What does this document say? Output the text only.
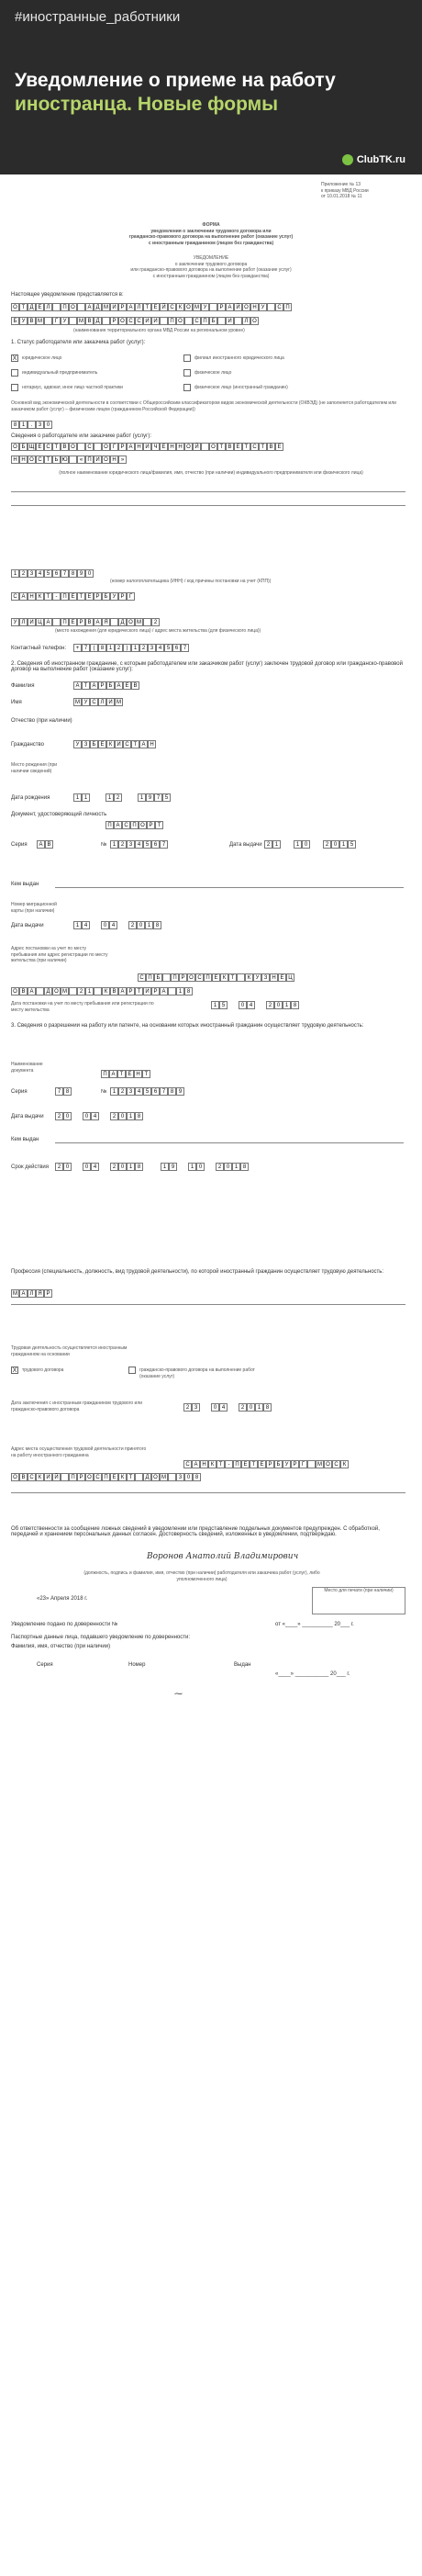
#иностранные_работники
Уведомление о приеме на работу
иностранца. Новые формы
ClubTK.ru
Приложение № 13
к приказу МВД России
от 10.01.2018 № 11
ФОРМА
уведомления о заключении трудового договора или
гражданско-правового договора на выполнение работ (оказание услуг)
с иностранным гражданином (лицом без гражданства)
УВЕДОМЛЕНИЕ
о заключении трудового договора
или гражданско-правового договора на выполнение работ (оказание услуг)
с иностранным гражданином (лицом без гражданства)
Настоящее уведомление представляется в:
О Т Д Е Л	П О	А Д М И Р А Л Т Е Й С К О М У	Р А Й О Н У	С П
Б У В М	Г У	М В Д	Р О С С И И	П О	С П Б	И	Л О
(наименование территориального органа МВД России на региональном уровне)
1. Статус работодателя или заказчика работ (услуг):
X	юридическое лицо
индивидуальный предприниматель
филиал иностранного юридического лица
физическое лицо
нотариус, адвокат, иное лицо частной практики	физическое лицо (иностранный гражданин)
Основной вид экономической деятельности в соответствии с Общероссийским классификатором видов экономической деятельности (ОКВЭД) (не заполняется работодателем или заказчиком работ (услуг) – физическим лицом (гражданином Российской Федерации))
8 1	.	3 0
Сведения о работодателе или заказчике работ (услуг):
О Б Щ Е С Т В О	С	О Г Р А Н И Ч Е Н Н О Й	О Т В Е Т С Т В Е
Н Н О С Т Ь Ю	« П И О Н »
(полное наименование юридического лица/фамилия, имя, отчество (при наличии) индивидуального предпринимателя или физического лица)
1 2 3 4 5 6 7 8 9 0
(номер налогоплательщика (ИНН) / код причины постановки на учет (КПП))
С А Н К Т	- П Е Т Е Р Б У Р Г
У Л И Ц А	П Е Р В А Я	Д О М	2
(место нахождения (для юридического лица) / адрес места жительства (для физического лица))
Контактный телефон:	+ 7	(	8 1 2	)	1 2 3 4 5 6 7
2. Сведения об иностранном гражданине, с которым работодателем или заказчиком работ (услуг) заключен трудовой договор или гражданско-правовой договор на выполнение работ (оказание услуг):
Фамилия	А Т А Р Б А Е В
Имя	М У С Л И М
Отчество (при наличии)
Гражданство	У З Б Е К И С Т А Н
Место рождения (при наличии сведений)
Дата рождения	1 1	1 2	1 9 7 5
Документ, удостоверяющий личность
П А С П О Р Т
Серия	A B	№	1 2 3 4 5 6 7	Дата выдачи 2 1	1 0	2 0 1 5
Кем выдан
Номер миграционной карты (при наличии)
Дата выдачи	1 4	0 4	2 0 1 8
Адрес постановки на учет по месту пребывания или адрес регистрации по месту жительства (при наличии)
С П Б	П Р О С П Е К Т	К У З Н Е Ц
О В А	Д О М	2 1	К В А Р Т И Р А	1 8
Дата постановки на учет по месту пребывания или регистрации по месту жительства
1 5	0 4	2 0 1 8
3. Сведения о разрешении на работу или патенте, на основании которых иностранный гражданин осуществляет трудовую деятельность:
Наименование документа
П А Т Е Н Т
Серия	7 8	№	1 2 3 4 5 6 7 8 9
Дата выдачи	2 0	0 4	2 0 1 8
Кем выдан
Срок действия	2 0	0 4	2 0 1 8	1 9	1 0	2 0 1 8
Профессия (специальность, должность, вид трудовой деятельности), по которой иностранный гражданин осуществляет трудовую деятельность:
М А Л Я Р
Трудовая деятельность осуществляется иностранным гражданином на основании
X	трудового договора	гражданско-правового договора на выполнение работ (оказание услуг)
Дата заключения с иностранным гражданином трудового или гражданско-правового договора	2 3	0 4	2 0 1 8
Адрес места осуществления трудовой деятельности принятого на работу иностранного гражданина
С А Н К Т	- П Е Т Е Р Б У Р Г	М О С К
О В С К И Й	П Р О С П Е К Т	Д О М	3 0 8
Об ответственности за сообщение ложных сведений в уведомлении или представление поддельных документов предупрежден. С обработкой, передачей и хранением персональных данных согласен. Достоверность сведений, изложенных в уведомлении, подтверждаю.
Воронов Анатолий Владимирович
(должность, подпись и фамилия, имя, отчество (при наличии) работодателя или заказчика работ (услуг), либо уполномоченного лица)
Место для печати (при наличии)
«23» Апреля 2018 г.
Уведомление подано по доверенности №	от «____» __________ 20___ г.
Паспортные данные лица, подавшего уведомление по доверенности:
Фамилия, имя, отчество (при наличии)
Серия	Номер	Выдан
«____» ___________ 20___ г.
⁓
